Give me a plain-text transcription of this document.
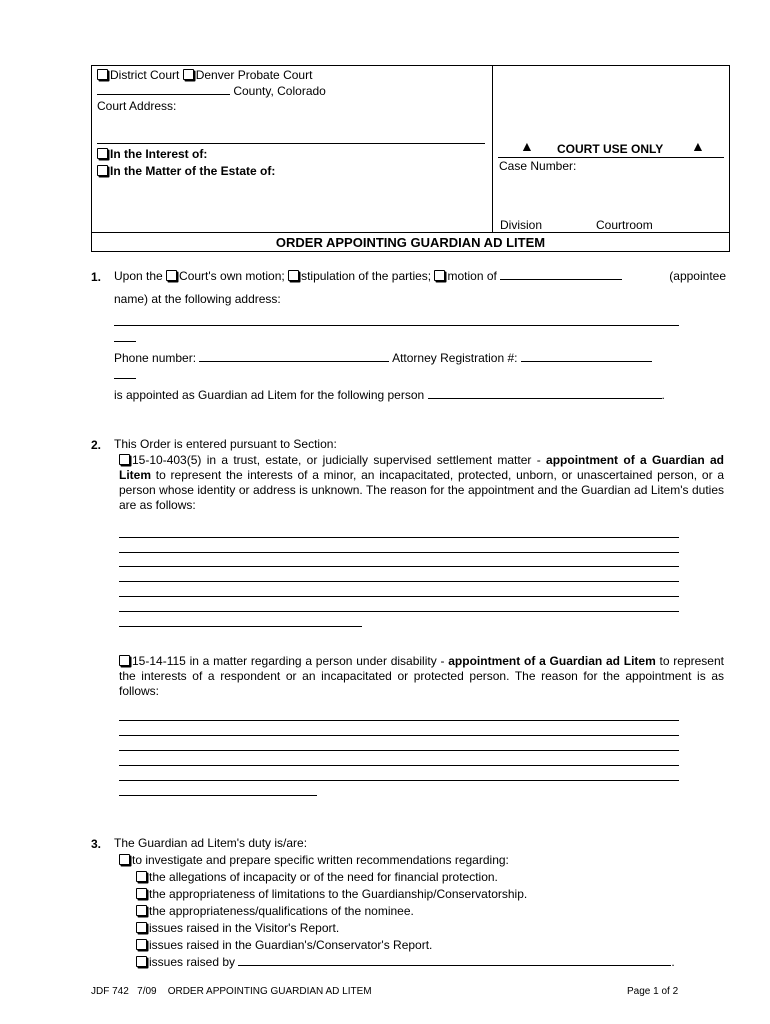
District Court Denver Probate Court
County, Colorado
Court Address:
In the Interest of:
In the Matter of the Estate of:
▲ COURT USE ONLY ▲
Case Number:
Division	Courtroom
ORDER APPOINTING GUARDIAN AD LITEM
1. Upon the Court's own motion; stipulation of the parties; motion of	(appointee
name) at the following address:
Phone number:	Attorney Registration #:
is appointed as Guardian ad Litem for the following person	.
2. This Order is entered pursuant to Section:
15-10-403(5) in a trust, estate, or judicially supervised settlement matter - appointment of a Guardian ad Litem to represent the interests of a minor, an incapacitated, protected, unborn, or unascertained person, or a person whose identity or address is unknown. The reason for the appointment and the Guardian ad Litem's duties are as follows:
15-14-115 in a matter regarding a person under disability - appointment of a Guardian ad Litem to represent the interests of a respondent or an incapacitated or protected person. The reason for the appointment is as follows:
3. The Guardian ad Litem's duty is/are:
to investigate and prepare specific written recommendations regarding:
the allegations of incapacity or of the need for financial protection.
the appropriateness of limitations to the Guardianship/Conservatorship.
the appropriateness/qualifications of the nominee.
issues raised in the Visitor's Report.
issues raised in the Guardian's/Conservator's Report.
issues raised by	.
JDF 742   7/09    ORDER APPOINTING GUARDIAN AD LITEM	Page 1 of 2
